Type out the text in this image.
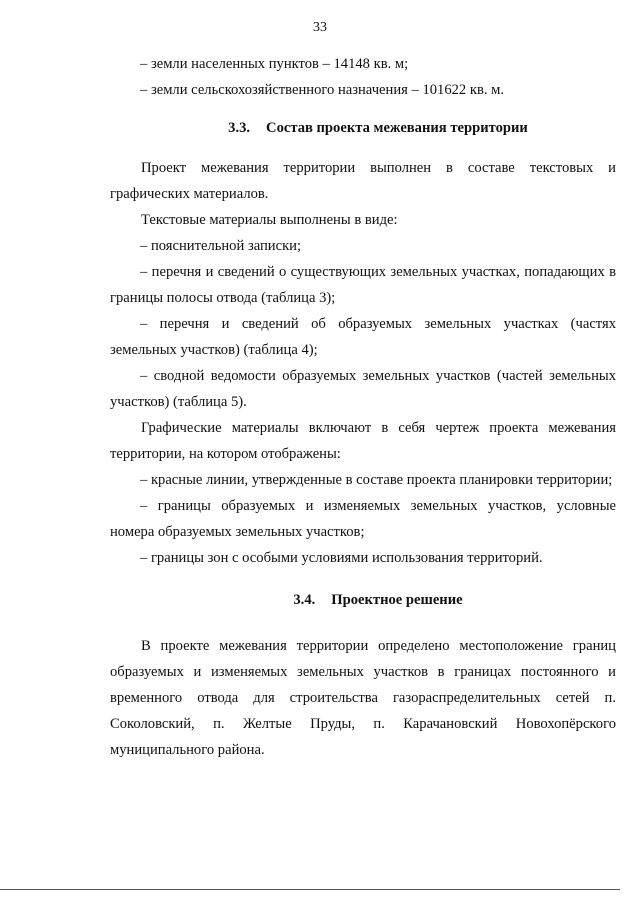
33

– земли населенных пунктов – 14148 кв. м;

– земли сельскохозяйственного назначения – 101622 кв. м.

3.3. Состав проекта межевания территории

Проект межевания территории выполнен в составе текстовых и графических материалов.

Текстовые материалы выполнены в виде:

– пояснительной записки;

– перечня и сведений о существующих земельных участках, попадающих в границы полосы отвода (таблица 3);

– перечня и сведений об образуемых земельных участках (частях земельных участков) (таблица 4);

– сводной ведомости образуемых земельных участков (частей земельных участков) (таблица 5).

Графические материалы включают в себя чертеж проекта межевания территории, на котором отображены:

– красные линии, утвержденные в составе проекта планировки территории;

– границы образуемых и изменяемых земельных участков, условные номера образуемых земельных участков;

– границы зон с особыми условиями использования территорий.

3.4. Проектное решение

В проекте межевания территории определено местоположение границ образуемых и изменяемых земельных участков в границах постоянного и временного отвода для строительства газораспределительных сетей п. Соколовский, п. Желтые Пруды, п. Карачановский Новохопёрского муниципального района.
